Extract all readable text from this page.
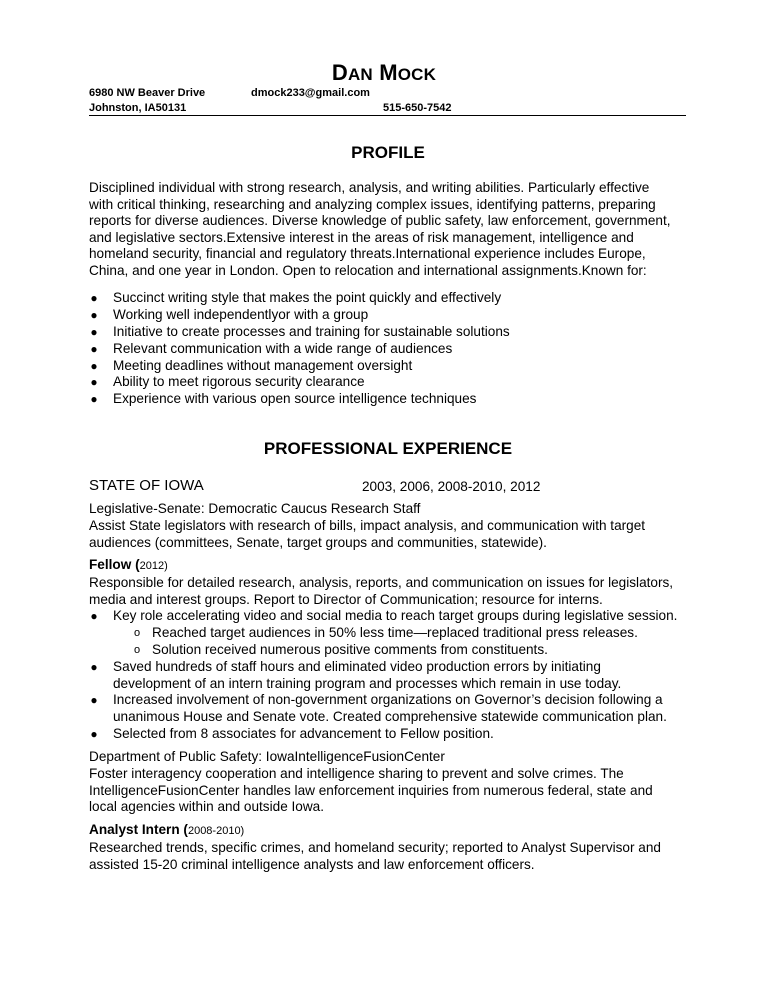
DAN MOCK
6980 NW Beaver Drive
Johnston, IA50131
dmock233@gmail.com
515-650-7542
PROFILE

Disciplined individual with strong research, analysis, and writing abilities. Particularly effective

with critical thinking, researching and analyzing complex issues, identifying patterns, preparing

reports for diverse audiences. Diverse knowledge of public safety, law enforcement, government,

and legislative sectors.Extensive interest in the areas of risk management, intelligence and

homeland security, financial and regulatory threats.International experience includes Europe,

China, and one year in London. Open to relocation and international assignments.Known for:

● Succinct writing style that makes the point quickly and effectively
● Working well independentlyor with a group
● Initiative to create processes and training for sustainable solutions
● Relevant communication with a wide range of audiences
● Meeting deadlines without management oversight
● Ability to meet rigorous security clearance
● Experience with various open source intelligence techniques
PROFESSIONAL EXPERIENCE
STATE OF IOWA	2003, 2006, 2008-2010, 2012
Legislative-Senate: Democratic Caucus Research Staff
Assist State legislators with research of bills, impact analysis, and communication with target
audiences (committees, Senate, target groups and communities, statewide).
Fellow (2012)
Responsible for detailed research, analysis, reports, and communication on issues for legislators,
media and interest groups. Report to Director of Communication; resource for interns.
● Key role accelerating video and social media to reach target groups during legislative session.
o Reached target audiences in 50% less time—replaced traditional press releases.
o Solution received numerous positive comments from constituents.
● Saved hundreds of staff hours and eliminated video production errors by initiating
development of an intern training program and processes which remain in use today.
● Increased involvement of non-government organizations on Governor’s decision following a
unanimous House and Senate vote. Created comprehensive statewide communication plan.
● Selected from 8 associates for advancement to Fellow position.
Department of Public Safety: IowaIntelligenceFusionCenter
Foster interagency cooperation and intelligence sharing to prevent and solve crimes. The
IntelligenceFusionCenter handles law enforcement inquiries from numerous federal, state and
local agencies within and outside Iowa.
Analyst Intern (2008-2010)
Researched trends, specific crimes, and homeland security; reported to Analyst Supervisor and
assisted 15-20 criminal intelligence analysts and law enforcement officers.
